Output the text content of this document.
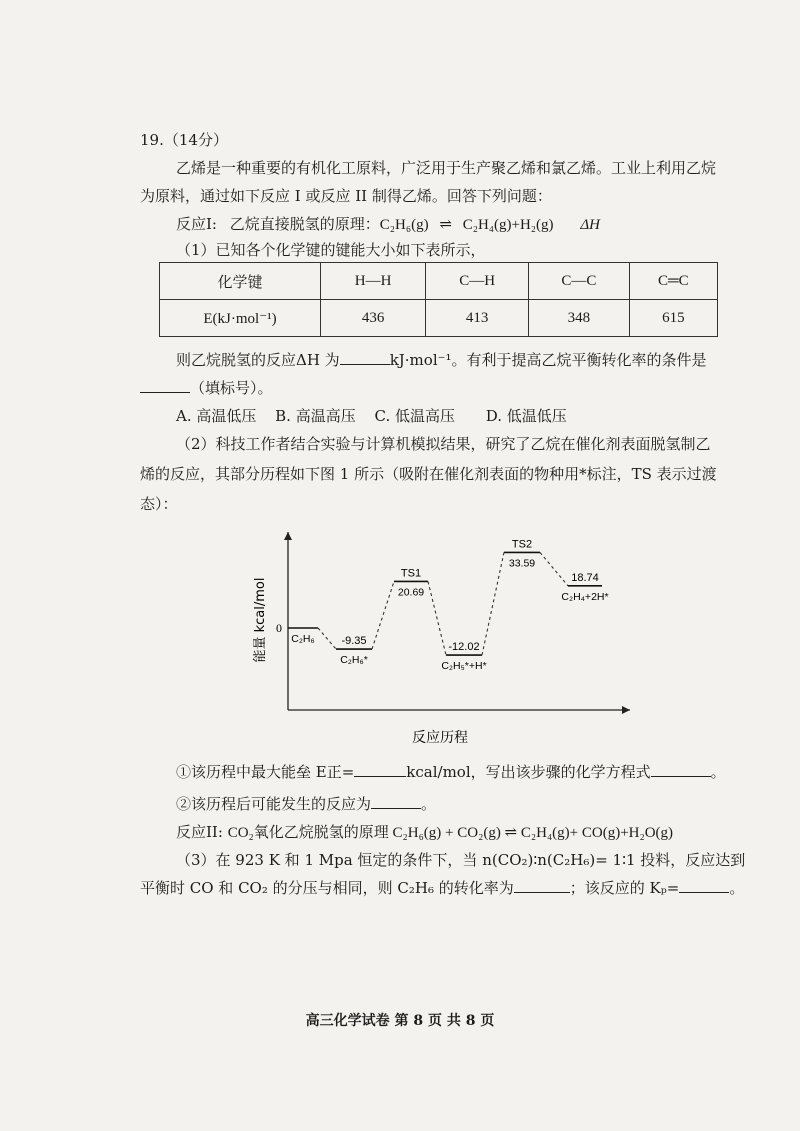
19.（14分）
乙烯是一种重要的有机化工原料，广泛用于生产聚乙烯和氯乙烯。工业上利用乙烷
为原料，通过如下反应 I 或反应 II 制得乙烯。回答下列问题：
反应I: 乙烷直接脱氢的原理：C₂H₆(g) ⇌ C₂H₄(g)+H₂(g) ΔH
（1）已知各个化学键的键能大小如下表所示，
化学键	H—H	C—H	C—C	C═C
E(kJ·mol⁻¹)	436	413	348	615
则乙烷脱氢的反应ΔH 为	kJ·mol⁻¹。有利于提高乙烷平衡转化率的条件是
（填标号）。
A. 高温低压 B. 高温高压 C. 低温高压 D. 低温低压
（2）科技工作者结合实验与计算机模拟结果，研究了乙烷在催化剂表面脱氢制乙
烯的反应，其部分历程如下图 1 所示（吸附在催化剂表面的物种用*标注，TS 表示过渡
态）：
能量 kcal/mol
反应历程
0
C₂H₆ -9.35
C₂H₆*
TS1
20.69
-12.02
C₂H₅*+H*
TS2
33.59
18.74
C₂H₄+2H*
①该历程中最大能垒 E正=	kcal/mol，写出该步骤的化学方程式	。
②该历程后可能发生的反应为	。
反应II: CO₂氧化乙烷脱氢的原理 C₂H₆(g) + CO₂(g) ⇌ C₂H₄(g)+ CO(g)+H₂O(g)
（3）在 923 K 和 1 Mpa 恒定的条件下，当 n(CO₂)∶n(C₂H₆)= 1∶1 投料，反应达到
平衡时 CO 和 CO₂ 的分压与相同，则 C₂H₆ 的转化率为	；该反应的 Kₚ=	。
高三化学试卷 第 8 页 共 8 页
